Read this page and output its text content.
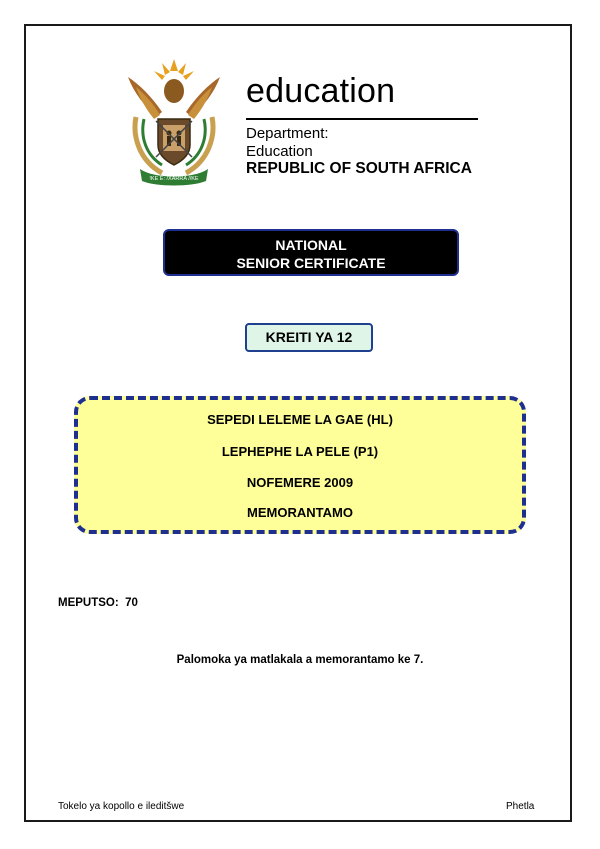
!KE E: /XARRA //KE
education
Department:
Education
REPUBLIC OF SOUTH AFRICA
NATIONAL
SENIOR CERTIFICATE
KREITI YA 12
SEPEDI LELEME LA GAE (HL)
LEPHEPHE LA PELE (P1)
NOFEMERE 2009
MEMORANTAMO
MEPUTSO:  70
Palomoka ya matlakala a memorantamo ke 7.
Tokelo ya kopollo e ileditšwe	Phetla
